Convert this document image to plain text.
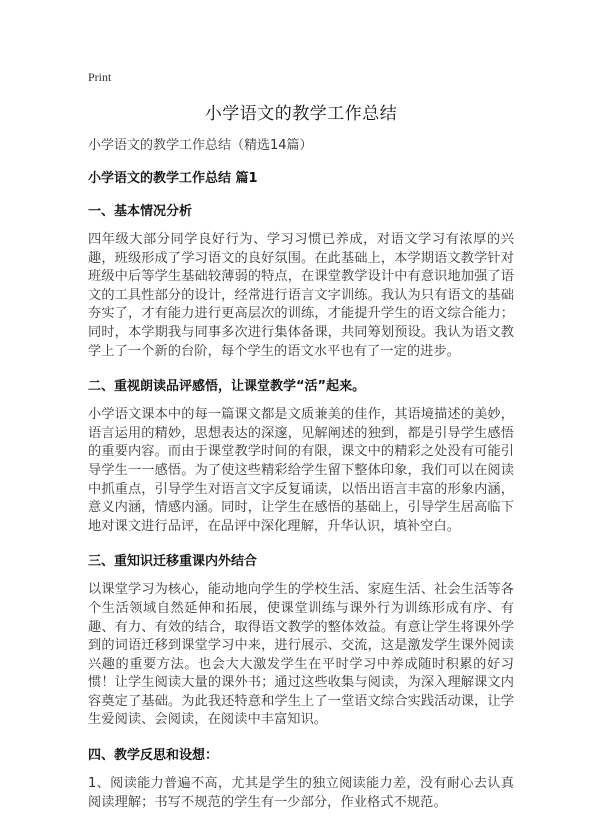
Print
小学语文的教学工作总结
小学语文的教学工作总结（精选14篇）
小学语文的教学工作总结 篇1
一、基本情况分析

四年级大部分同学良好行为、学习习惯已养成，对语文学习有浓厚的兴趣，班级形成了学习语文的良好氛围。在此基础上，本学期语文教学针对班级中后等学生基础较薄弱的特点，在课堂教学设计中有意识地加强了语文的工具性部分的设计，经常进行语言文字训练。我认为只有语文的基础夯实了，才有能力进行更高层次的训练，才能提升学生的语文综合能力；同时，本学期我与同事多次进行集体备课，共同筹划预设。我认为语文教学上了一个新的台阶，每个学生的语文水平也有了一定的进步。

二、重视朗读品评感悟，让课堂教学“活”起来。

小学语文课本中的每一篇课文都是文质兼美的佳作，其语境描述的美妙，语言运用的精妙，思想表达的深邃，见解阐述的独到，都是引导学生感悟的重要内容。而由于课堂教学时间的有限，课文中的精彩之处没有可能引导学生一一感悟。为了使这些精彩给学生留下整体印象，我们可以在阅读中抓重点，引导学生对语言文字反复诵读，以悟出语言丰富的形象内涵，意义内涵，情感内涵。同时，让学生在感悟的基础上，引导学生居高临下地对课文进行品评，在品评中深化理解，升华认识，填补空白。

三、重知识迁移重课内外结合

以课堂学习为核心，能动地向学生的学校生活、家庭生活、社会生活等各个生活领域自然延伸和拓展，使课堂训练与课外行为训练形成有序、有趣、有力、有效的结合，取得语文教学的整体效益。有意让学生将课外学到的词语迁移到课堂学习中来，进行展示、交流，这是激发学生课外阅读兴趣的重要方法。也会大大激发学生在平时学习中养成随时积累的好习惯！让学生阅读大量的课外书；通过这些收集与阅读，为深入理解课文内容奠定了基础。为此我还特意和学生上了一堂语文综合实践活动课，让学生爱阅读、会阅读，在阅读中丰富知识。

四、教学反思和设想：

1、阅读能力普遍不高，尤其是学生的独立阅读能力差，没有耐心去认真阅读理解；书写不规范的学生有一少部分，作业格式不规范。
